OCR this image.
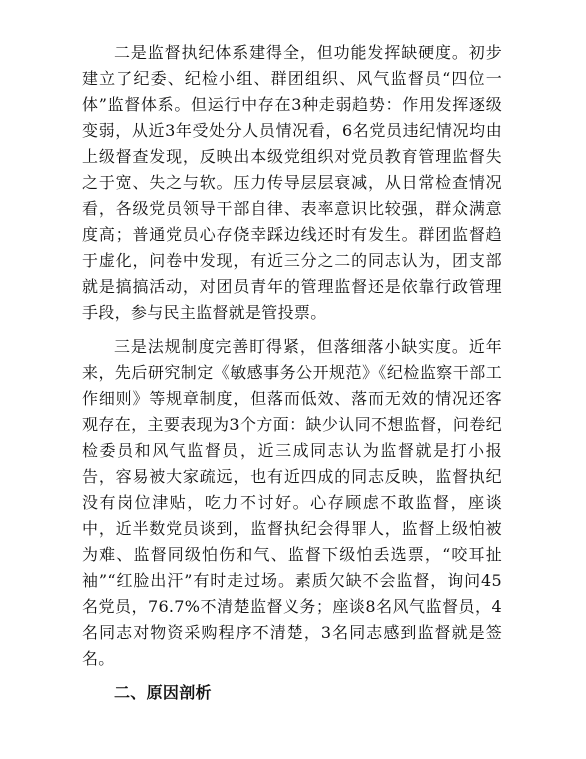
二是监督执纪体系建得全，但功能发挥缺硬度。初步建立了纪委、纪检小组、群团组织、风气监督员“四位一体”监督体系。但运行中存在3种走弱趋势：作用发挥逐级变弱，从近3年受处分人员情况看，6名党员违纪情况均由上级督查发现，反映出本级党组织对党员教育管理监督失之于宽、失之与软。压力传导层层衰减，从日常检查情况看，各级党员领导干部自律、表率意识比较强，群众满意度高；普通党员心存侥幸踩边线还时有发生。群团监督趋于虚化，问卷中发现，有近三分之二的同志认为，团支部就是搞搞活动，对团员青年的管理监督还是依靠行政管理手段，参与民主监督就是管投票。

三是法规制度完善盯得紧，但落细落小缺实度。近年来，先后研究制定《敏感事务公开规范》《纪检监察干部工作细则》等规章制度，但落而低效、落而无效的情况还客观存在，主要表现为3个方面：缺少认同不想监督，问卷纪检委员和风气监督员，近三成同志认为监督就是打小报告，容易被大家疏远，也有近四成的同志反映，监督执纪没有岗位津贴，吃力不讨好。心存顾虑不敢监督，座谈中，近半数党员谈到，监督执纪会得罪人，监督上级怕被为难、监督同级怕伤和气、监督下级怕丢选票，“咬耳扯袖”“红脸出汗”有时走过场。素质欠缺不会监督，询问45名党员，76.7%不清楚监督义务；座谈8名风气监督员，4名同志对物资采购程序不清楚，3名同志感到监督就是签名。

二、原因剖析
